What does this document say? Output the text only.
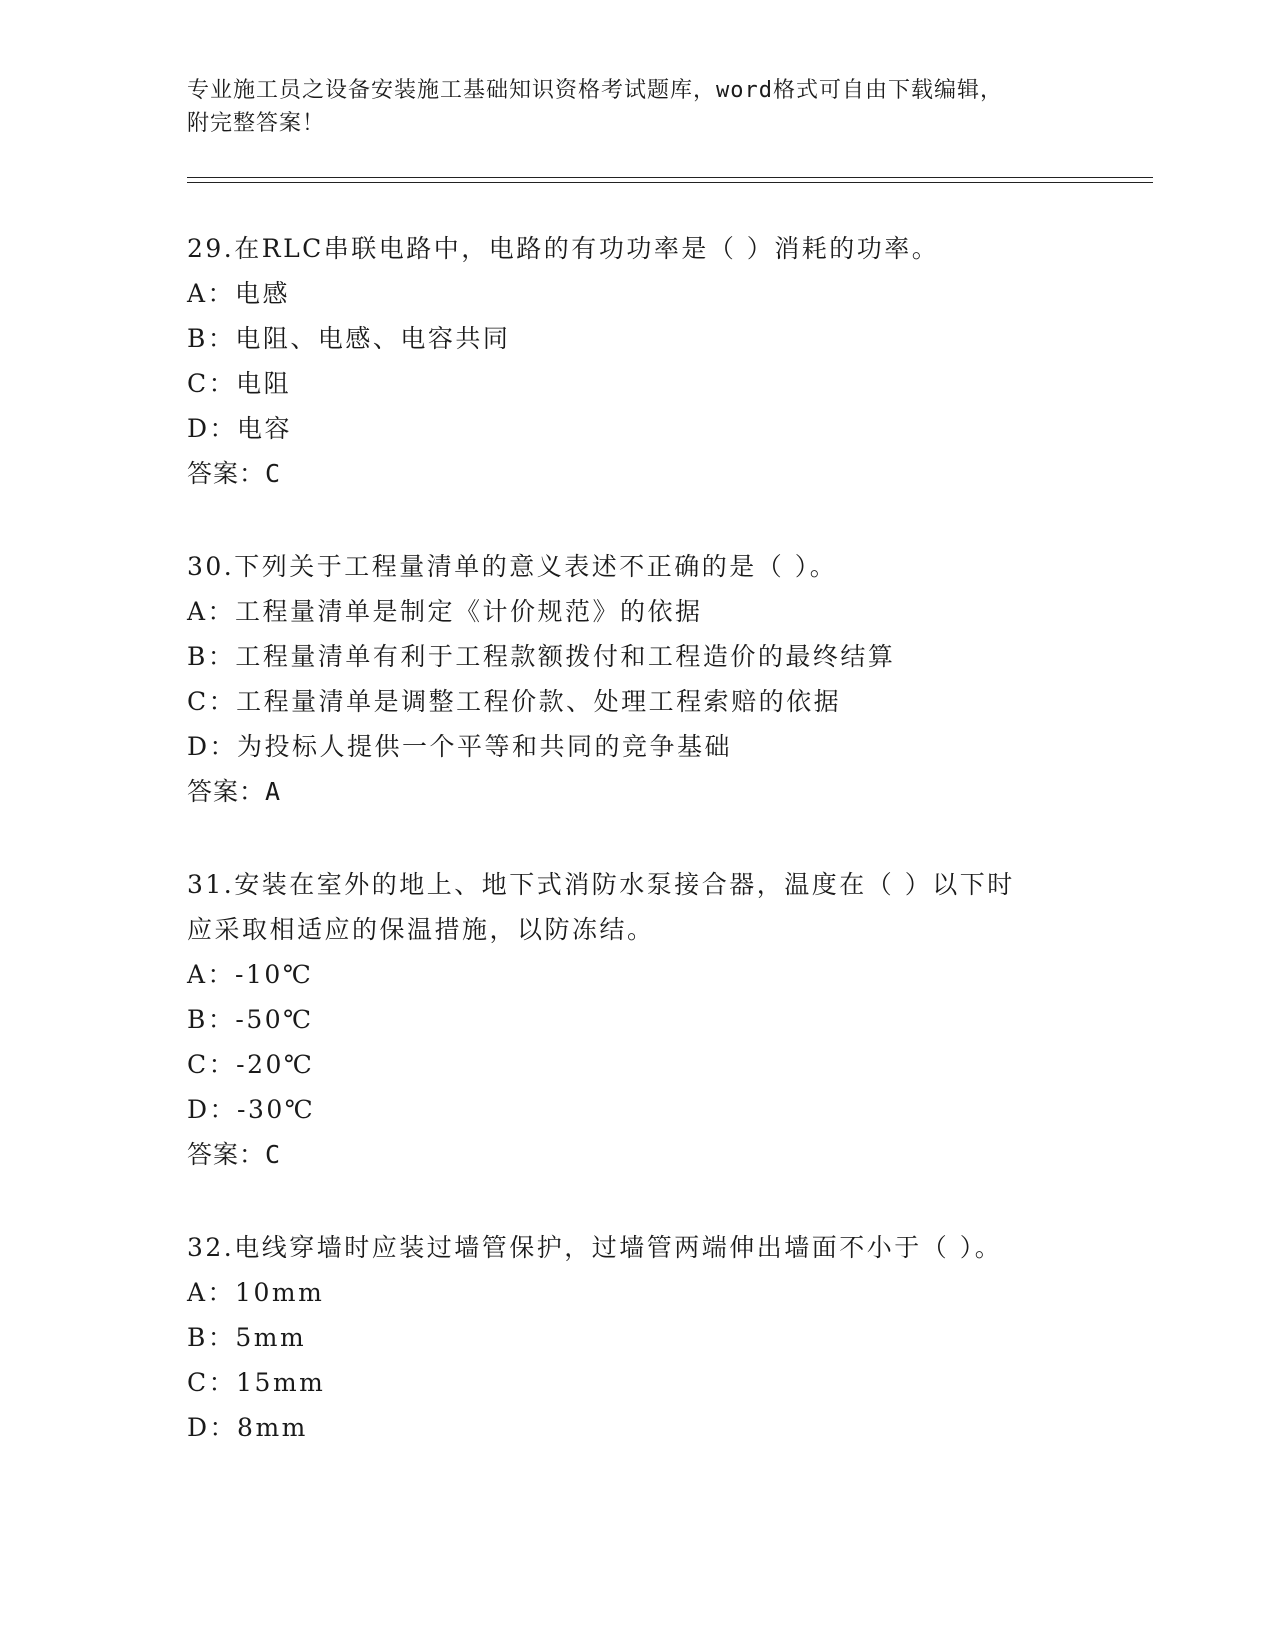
专业施工员之设备安装施工基础知识资格考试题库，word格式可自由下载编辑，
附完整答案！

29.在RLC串联电路中，电路的有功功率是（ ）消耗的功率。

A：电感

B：电阻、电感、电容共同

C：电阻

D：电容

答案：C

30.下列关于工程量清单的意义表述不正确的是（ ）。

A：工程量清单是制定《计价规范》的依据

B：工程量清单有利于工程款额拨付和工程造价的最终结算

C：工程量清单是调整工程价款、处理工程索赔的依据

D：为投标人提供一个平等和共同的竞争基础

答案：A

31.安装在室外的地上、地下式消防水泵接合器，温度在（ ）以下时

应采取相适应的保温措施，以防冻结。

A：-10℃

B：-50℃

C：-20℃

D：-30℃

答案：C

32.电线穿墙时应装过墙管保护，过墙管两端伸出墙面不小于（ ）。

A：10mm

B：5mm

C：15mm

D：8mm
